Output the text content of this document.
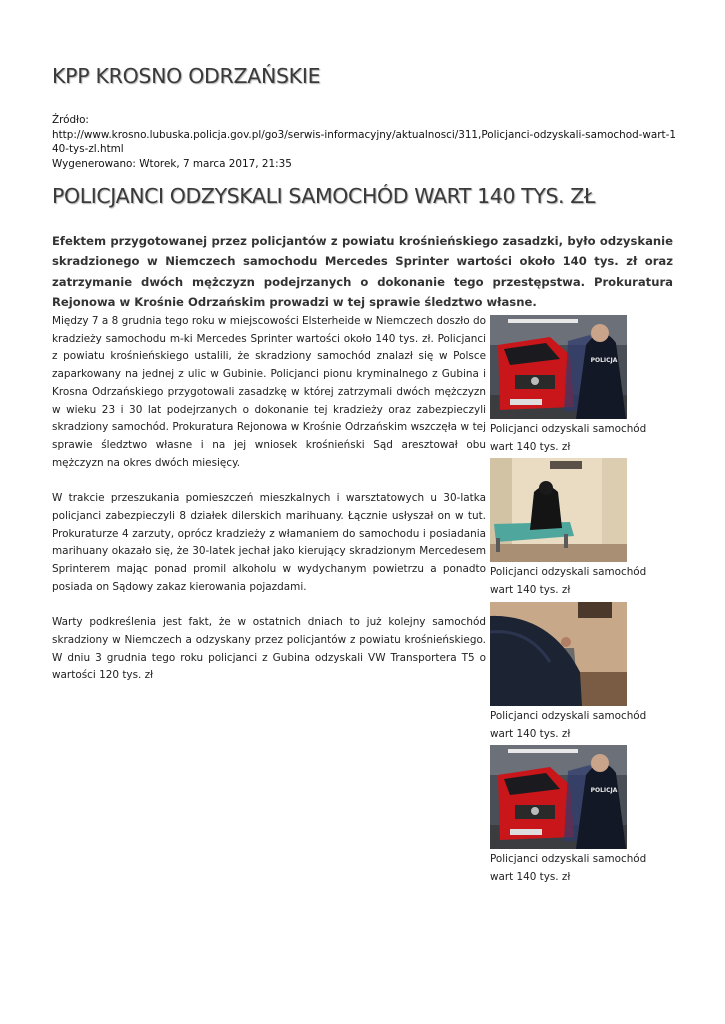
KPP KROSNO ODRZAŃSKIE
Źródło:
http://www.krosno.lubuska.policja.gov.pl/go3/serwis-informacyjny/aktualnosci/311,Policjanci-odzyskali-samochod-wart-140-tys-zl.html
Wygenerowano: Wtorek, 7 marca 2017, 21:35
POLICJANCI ODZYSKALI SAMOCHÓD WART 140 TYS. ZŁ
Efektem przygotowanej przez policjantów z powiatu krośnieńskiego zasadzki, było odzyskanie skradzionego w Niemczech samochodu Mercedes Sprinter wartości około 140 tys. zł oraz zatrzymanie dwóch mężczyzn podejrzanych o dokonanie tego przestępstwa. Prokuratura Rejonowa w Krośnie Odrzańskim prowadzi w tej sprawie śledztwo własne.

Między 7 a 8 grudnia tego roku w miejscowości Elsterheide w Niemczech doszło do kradzieży samochodu m-ki Mercedes Sprinter wartości około 140 tys. zł. Policjanci z powiatu krośnieńskiego ustalili, że skradziony samochód znalazł się w Polsce zaparkowany na jednej z ulic w Gubinie. Policjanci pionu kryminalnego z Gubina i Krosna Odrzańskiego przygotowali zasadzkę w której zatrzymali dwóch mężczyzn w wieku 23 i 30 lat podejrzanych o dokonanie tej kradzieży oraz zabezpieczyli skradziony samochód. Prokuratura Rejonowa w Krośnie Odrzańskim wszczęła w tej sprawie śledztwo własne i na jej wniosek krośnieński Sąd aresztował obu mężczyzn na okres dwóch miesięcy.

W trakcie przeszukania pomieszczeń mieszkalnych i warsztatowych u 30-latka policjanci zabezpieczyli 8 działek dilerskich marihuany. Łącznie usłyszał on w tut. Prokuraturze 4 zarzuty, oprócz kradzieży z włamaniem do samochodu i posiadania marihuany okazało się, że 30-latek jechał jako kierujący skradzionym Mercedesem Sprinterem mając ponad promil alkoholu w wydychanym powietrzu a ponadto posiada on Sądowy zakaz kierowania pojazdami.

Warty podkreślenia jest fakt, że w ostatnich dniach to już kolejny samochód skradziony w Niemczech a odzyskany przez policjantów z powiatu krośnieńskiego. W dniu 3 grudnia tego roku policjanci z Gubina odzyskali VW Transportera T5 o wartości 120 tys. zł

POLICJA
Policjanci odzyskali samochód wart 140 tys. zł
Policjanci odzyskali samochód wart 140 tys. zł
Policjanci odzyskali samochód wart 140 tys. zł
POLICJA
Policjanci odzyskali samochód wart 140 tys. zł
